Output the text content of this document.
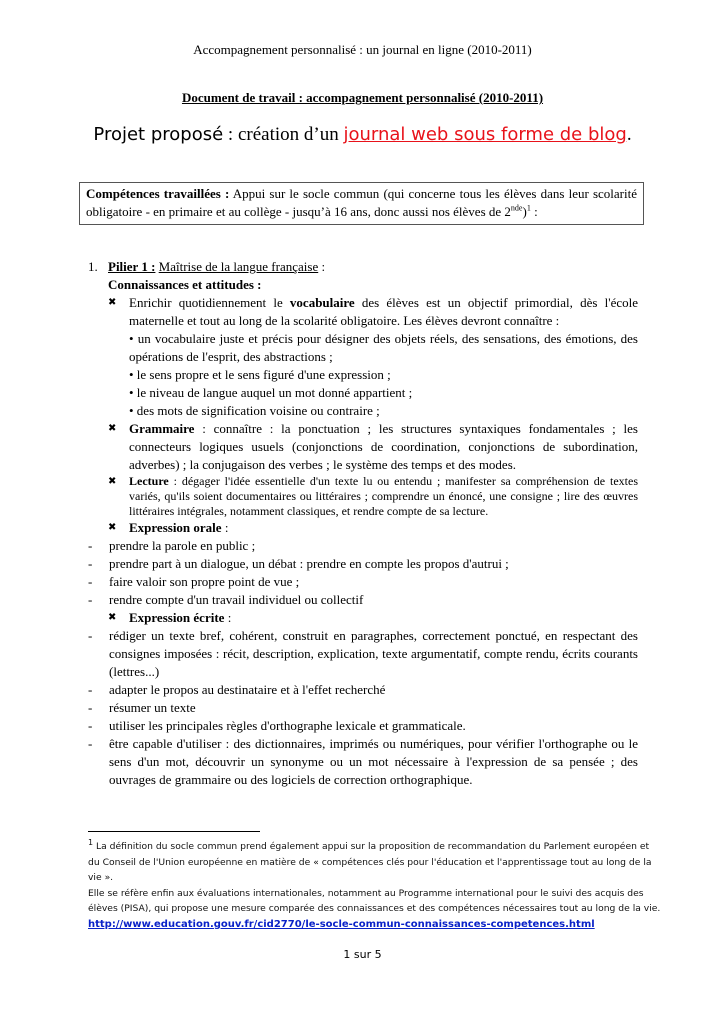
Accompagnement personnalisé : un journal en ligne (2010-2011)
Document de travail : accompagnement personnalisé (2010-2011)
Projet proposé : création d’un journal web sous forme de blog.
Compétences travaillées : Appui sur le socle commun (qui concerne tous les élèves dans leur scolarité obligatoire - en primaire et au collège - jusqu’à 16 ans, donc aussi nos élèves de 2nde)$^1$ :
1. Pilier 1 : Maîtrise de la langue française :
Connaissances et attitudes :
✖ Enrichir quotidiennement le vocabulaire des élèves est un objectif primordial, dès l'école maternelle et tout au long de la scolarité obligatoire. Les élèves devront connaître :
• un vocabulaire juste et précis pour désigner des objets réels, des sensations, des émotions, des opérations de l'esprit, des abstractions ;
• le sens propre et le sens figuré d'une expression ;
• le niveau de langue auquel un mot donné appartient ;
• des mots de signification voisine ou contraire ;
✖ Grammaire : connaître : la ponctuation ; les structures syntaxiques fondamentales ; les connecteurs logiques usuels (conjonctions de coordination, conjonctions de subordination, adverbes) ; la conjugaison des verbes ; le système des temps et des modes.
✖	Lecture : dégager l'idée essentielle d'un texte lu ou entendu ; manifester sa compréhension de textes variés, qu'ils soient documentaires ou littéraires ; comprendre un énoncé, une consigne ; lire des œuvres littéraires intégrales, notamment classiques, et rendre compte de sa lecture.
✖ Expression orale :
-	prendre la parole en public ;
-	prendre part à un dialogue, un débat : prendre en compte les propos d'autrui ;
-	faire valoir son propre point de vue ;
-	rendre compte d'un travail individuel ou collectif
✖ Expression écrite :
-	rédiger un texte bref, cohérent, construit en paragraphes, correctement ponctué, en respectant des consignes imposées : récit, description, explication, texte argumentatif, compte rendu, écrits courants (lettres...)
-	adapter le propos au destinataire et à l'effet recherché
-	résumer un texte
-	utiliser les principales règles d'orthographe lexicale et grammaticale.
-	être capable d'utiliser : des dictionnaires, imprimés ou numériques, pour vérifier l'orthographe ou le sens d'un mot, découvrir un synonyme ou un mot nécessaire à l'expression de sa pensée ; des ouvrages de grammaire ou des logiciels de correction orthographique.
$^1$ La définition du socle commun prend également appui sur la proposition de recommandation du Parlement européen et
du Conseil de l'Union européenne en matière de « compétences clés pour l'éducation et l'apprentissage tout au long de la
vie ».
Elle se réfère enfin aux évaluations internationales, notamment au Programme international pour le suivi des acquis des
élèves (PISA), qui propose une mesure comparée des connaissances et des compétences nécessaires tout au long de la vie.
http://www.education.gouv.fr/cid2770/le-socle-commun-connaissances-competences.html
1 sur 5
